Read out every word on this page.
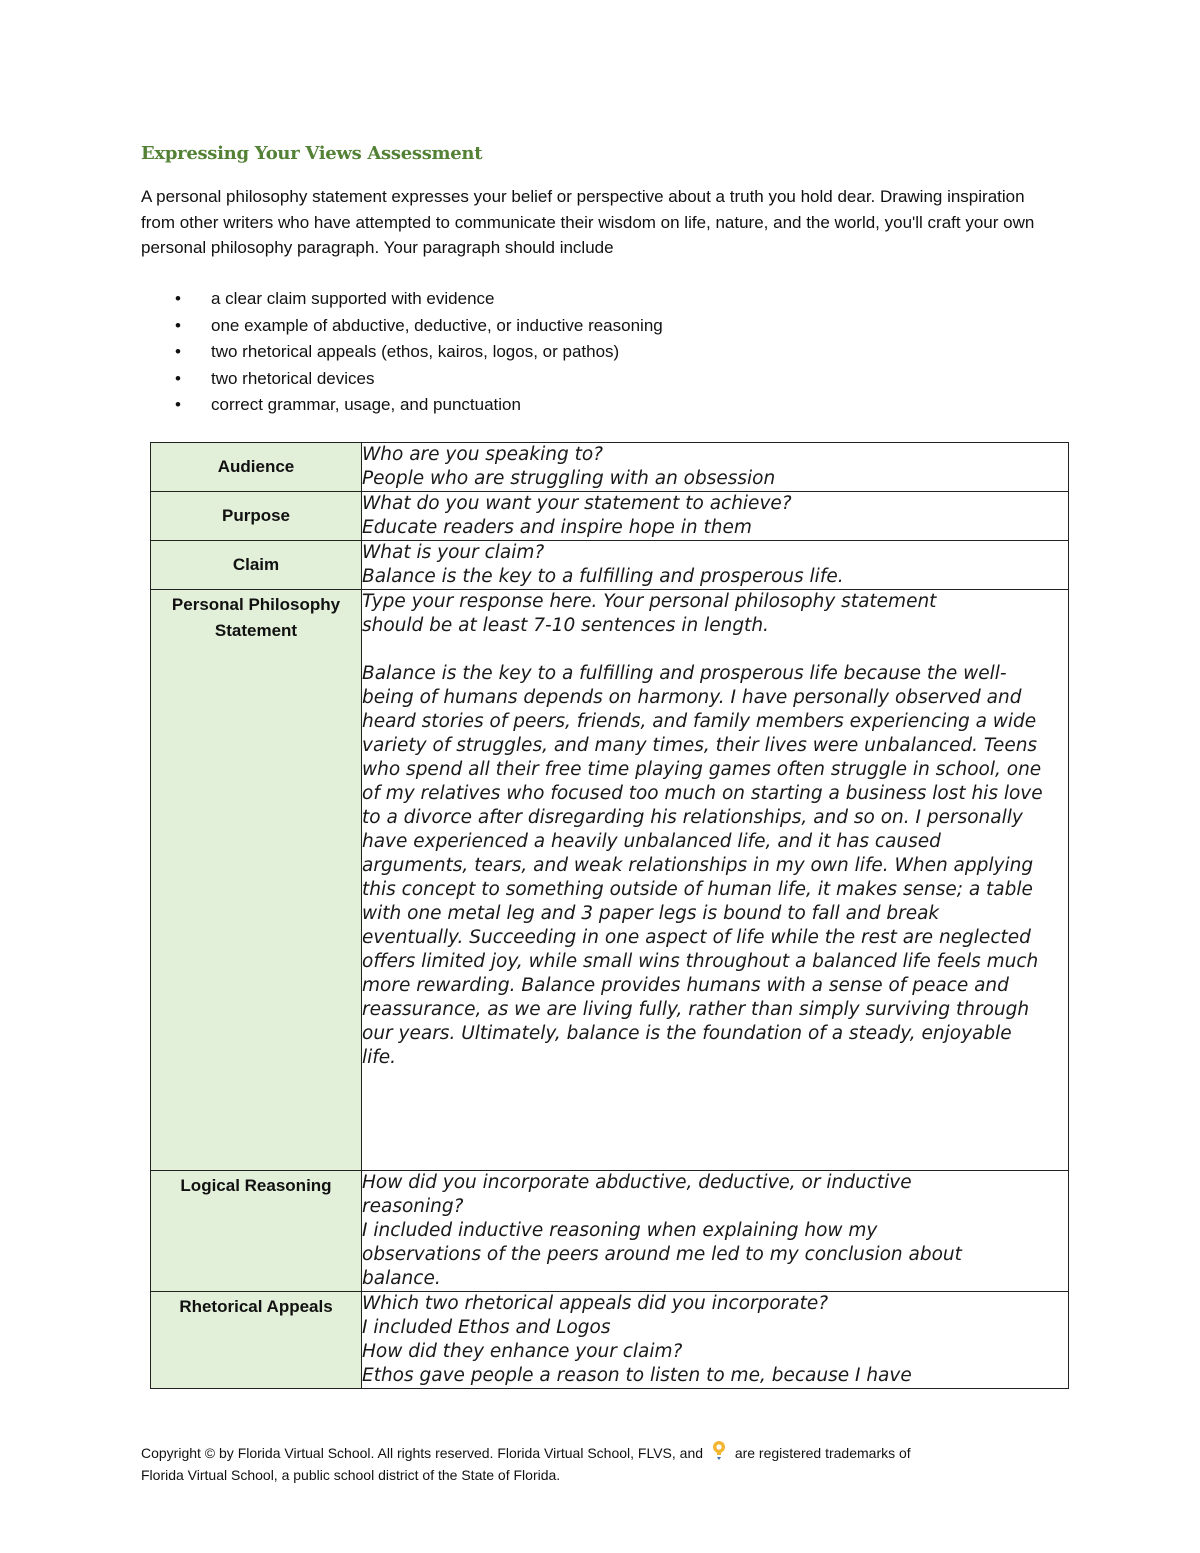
Expressing Your Views Assessment
A personal philosophy statement expresses your belief or perspective about a truth you hold dear. Drawing inspiration from other writers who have attempted to communicate their wisdom on life, nature, and the world, you'll craft your own personal philosophy paragraph. Your paragraph should include
• a clear claim supported with evidence
• one example of abductive, deductive, or inductive reasoning
• two rhetorical appeals (ethos, kairos, logos, or pathos)
• two rhetorical devices
• correct grammar, usage, and punctuation
Audience	Who are you speaking to?
People who are struggling with an obsession

Purpose	What do you want your statement to achieve?
Educate readers and inspire hope in them

Claim	What is your claim?
Balance is the key to a fulfilling and prosperous life.

Personal Philosophy
Statement	Type your response here. Your personal philosophy statement
should be at least 7-10 sentences in length.
Balance is the key to a fulfilling and prosperous life because the well-being of humans depends on harmony. I have personally observed and heard stories of peers, friends, and family members experiencing a wide variety of struggles, and many times, their lives were unbalanced. Teens who spend all their free time playing games often struggle in school, one of my relatives who focused too much on starting a business lost his love to a divorce after disregarding his relationships, and so on. I personally have experienced a heavily unbalanced life, and it has caused arguments, tears, and weak relationships in my own life. When applying this concept to something outside of human life, it makes sense; a table with one metal leg and 3 paper legs is bound to fall and break eventually. Succeeding in one aspect of life while the rest are neglected offers limited joy, while small wins throughout a balanced life feels much more rewarding. Balance provides humans with a sense of peace and reassurance, as we are living fully, rather than simply surviving through our years. Ultimately, balance is the foundation of a steady, enjoyable life.

Logical Reasoning	How did you incorporate abductive, deductive, or inductive
reasoning?
I included inductive reasoning when explaining how my
observations of the peers around me led to my conclusion about
balance.

Rhetorical Appeals	Which two rhetorical appeals did you incorporate?
I included Ethos and Logos
How did they enhance your claim?
Ethos gave people a reason to listen to me, because I have
Copyright © by Florida Virtual School. All rights reserved. Florida Virtual School, FLVS, and are registered trademarks of
Florida Virtual School, a public school district of the State of Florida.
